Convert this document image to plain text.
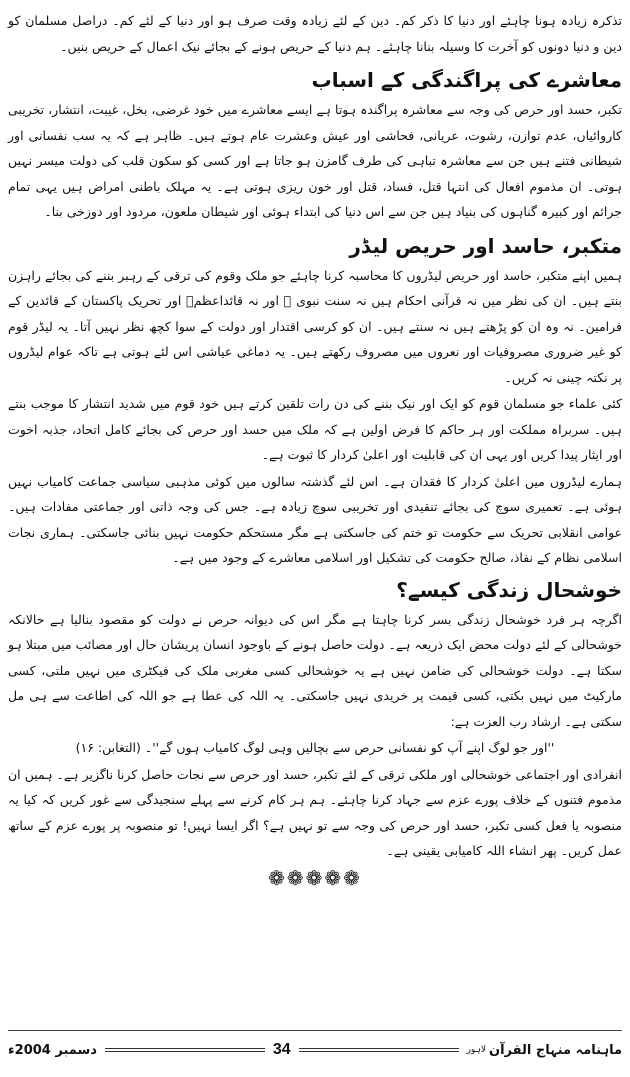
تذکرہ زیادہ ہونا چاہئے اور دنیا کا ذکر کم۔ دین کے لئے زیادہ وقت صرف ہو اور دنیا کے لئے کم۔ دراصل مسلمان کو دین و دنیا دونوں کو آخرت کا وسیلہ بنانا چاہئے۔ ہم دنیا کے حریص ہونے کے بجائے نیک اعمال کے حریص بنیں۔

معاشرے کی پراگندگی کے اسباب

تکبر، حسد اور حرص کی وجہ سے معاشرہ پراگندہ ہوتا ہے ایسے معاشرے میں خود غرضی، بخل، غیبت، انتشار، تخریبی کاروائیاں، عدم توازن، رشوت، عریانی، فحاشی اور عیش وعشرت عام ہوتے ہیں۔ ظاہر ہے کہ یہ سب نفسانی اور شیطانی فتنے ہیں جن سے معاشرہ تباہی کی طرف گامزن ہو جاتا ہے اور کسی کو سکون قلب کی دولت میسر نہیں ہوتی۔ ان مذموم افعال کی انتہا قتل، فساد، قتل اور خون ریزی ہوتی ہے۔ یہ مہلک باطنی امراض ہیں یہی تمام جرائم اور کبیرہ گناہوں کی بنیاد ہیں جن سے اس دنیا کی ابتداء ہوئی اور شیطان ملعون، مردود اور دوزخی بنا۔

متکبر، حاسد اور حریص لیڈر

ہمیں اپنے متکبر، حاسد اور حریص لیڈروں کا محاسبہ کرنا چاہئے جو ملک وقوم کی ترقی کے رہبر بننے کی بجائے راہزن بنتے ہیں۔ ان کی نظر میں نہ قرآنی احکام ہیں نہ سنت نبوی ﷺ اور نہ قائداعظمؒ اور تحریک پاکستان کے قائدین کے فرامین۔ نہ وہ ان کو پڑھتے ہیں نہ سنتے ہیں۔ ان کو کرسی اقتدار اور دولت کے سوا کچھ نظر نہیں آتا۔ یہ لیڈر قوم کو غیر ضروری مصروفیات اور نعروں میں مصروف رکھتے ہیں۔ یہ دماغی عیاشی اس لئے ہوتی ہے تاکہ عوام لیڈروں پر نکتہ چینی نہ کریں۔

کئی علماء جو مسلمان قوم کو ایک اور نیک بننے کی دن رات تلقین کرتے ہیں خود قوم میں شدید انتشار کا موجب بنتے ہیں۔ سربراہ مملکت اور ہر حاکم کا فرض اولین ہے کہ ملک میں حسد اور حرص کی بجائے کامل اتحاد، جذبہ اخوت اور ایثار پیدا کریں اور یہی ان کی قابلیت اور اعلیٰ کردار کا ثبوت ہے۔

ہمارے لیڈروں میں اعلیٰ کردار کا فقدان ہے۔ اس لئے گذشتہ سالوں میں کوئی مذہبی سیاسی جماعت کامیاب نہیں ہوئی ہے۔ تعمیری سوچ کی بجائے تنقیدی اور تخریبی سوچ زیادہ ہے۔ جس کی وجہ ذاتی اور جماعتی مفادات ہیں۔ عوامی انقلابی تحریک سے حکومت تو ختم کی جاسکتی ہے مگر مستحکم حکومت نہیں بنائی جاسکتی۔ ہماری نجات اسلامی نظام کے نفاذ، صالح حکومت کی تشکیل اور اسلامی معاشرے کے وجود میں ہے۔

خوشحال زندگی کیسے؟

اگرچہ ہر فرد خوشحال زندگی بسر کرنا چاہتا ہے مگر اس کی دیوانہ حرص نے دولت کو مقصود بنالیا ہے حالانکہ خوشحالی کے لئے دولت محض ایک ذریعہ ہے۔ دولت حاصل ہونے کے باوجود انسان پریشان حال اور مصائب میں مبتلا ہو سکتا ہے۔ دولت خوشحالی کی ضامن نہیں ہے یہ خوشحالی کسی مغربی ملک کی فیکٹری میں نہیں ملتی، کسی مارکیٹ میں نہیں بکتی، کسی قیمت پر خریدی نہیں جاسکتی۔ یہ اللہ کی عطا ہے جو اللہ کی اطاعت سے ہی مل سکتی ہے۔ ارشاد رب العزت ہے:

''اور جو لوگ اپنے آپ کو نفسانی حرص سے بچالیں وہی لوگ کامیاب ہوں گے''۔ (التغابن: ۱۶)

انفرادی اور اجتماعی خوشحالی اور ملکی ترقی کے لئے تکبر، حسد اور حرص سے نجات حاصل کرنا ناگزیر ہے۔ ہمیں ان مذموم فتنوں کے خلاف پورے عزم سے جہاد کرنا چاہئے۔ ہم ہر کام کرنے سے پہلے سنجیدگی سے غور کریں کہ کیا یہ منصوبہ یا فعل کسی تکبر، حسد اور حرص کی وجہ سے تو نہیں ہے؟ اگر ایسا نہیں! تو منصوبہ پر پورے عزم کے ساتھ عمل کریں۔ پھر انشاء اللہ کامیابی یقینی ہے۔

❁❁❁❁❁
ماہنامہ منہاج القرآن
لاہور
34
دسمبر 2004ء
